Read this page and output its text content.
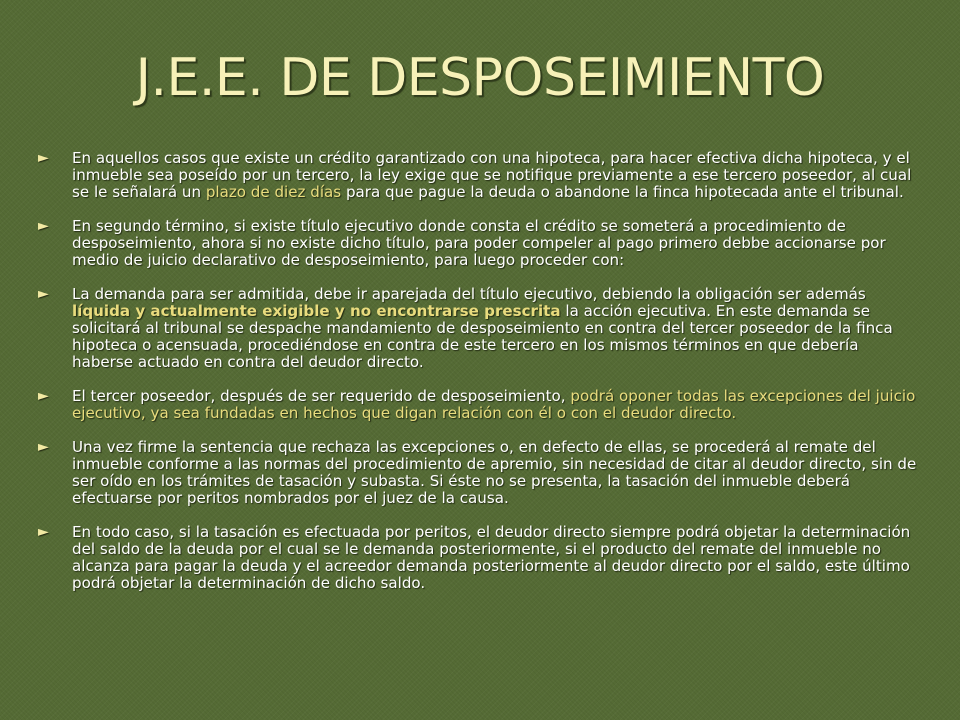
J.E.E. DE DESPOSEIMIENTO
► En aquellos casos que existe un crédito garantizado con una hipoteca, para hacer efectiva dicha hipoteca, y el inmueble sea poseído por un tercero, la ley exige que se notifique previamente a ese tercero poseedor, al cual se le señalará un plazo de diez días para que pague la deuda o abandone la finca hipotecada ante el tribunal.
► En segundo término, si existe título ejecutivo donde consta el crédito se someterá a procedimiento de desposeimiento, ahora si no existe dicho título, para poder compeler al pago primero debbe accionarse por medio de juicio declarativo de desposeimiento, para luego proceder con:
► La demanda para ser admitida, debe ir aparejada del título ejecutivo, debiendo la obligación ser además líquida y actualmente exigible y no encontrarse prescrita la acción ejecutiva. En este demanda se solicitará al tribunal se despache mandamiento de desposeimiento en contra del tercer poseedor de la finca hipoteca o acensuada, procediéndose en contra de este tercero en los mismos términos en que debería haberse actuado en contra del deudor directo.
► El tercer poseedor, después de ser requerido de desposeimiento, podrá oponer todas las excepciones del juicio ejecutivo, ya sea fundadas en hechos que digan relación con él o con el deudor directo.
► Una vez firme la sentencia que rechaza las excepciones o, en defecto de ellas, se procederá al remate del inmueble conforme a las normas del procedimiento de apremio, sin necesidad de citar al deudor directo, sin de ser oído en los trámites de tasación y subasta. Si éste no se presenta, la tasación del inmueble deberá efectuarse por peritos nombrados por el juez de la causa.
► En todo caso, si la tasación es efectuada por peritos, el deudor directo siempre podrá objetar la determinación del saldo de la deuda por el cual se le demanda posteriormente, si el producto del remate del inmueble no alcanza para pagar la deuda y el acreedor demanda posteriormente al deudor directo por el saldo, este último podrá objetar la determinación de dicho saldo.
